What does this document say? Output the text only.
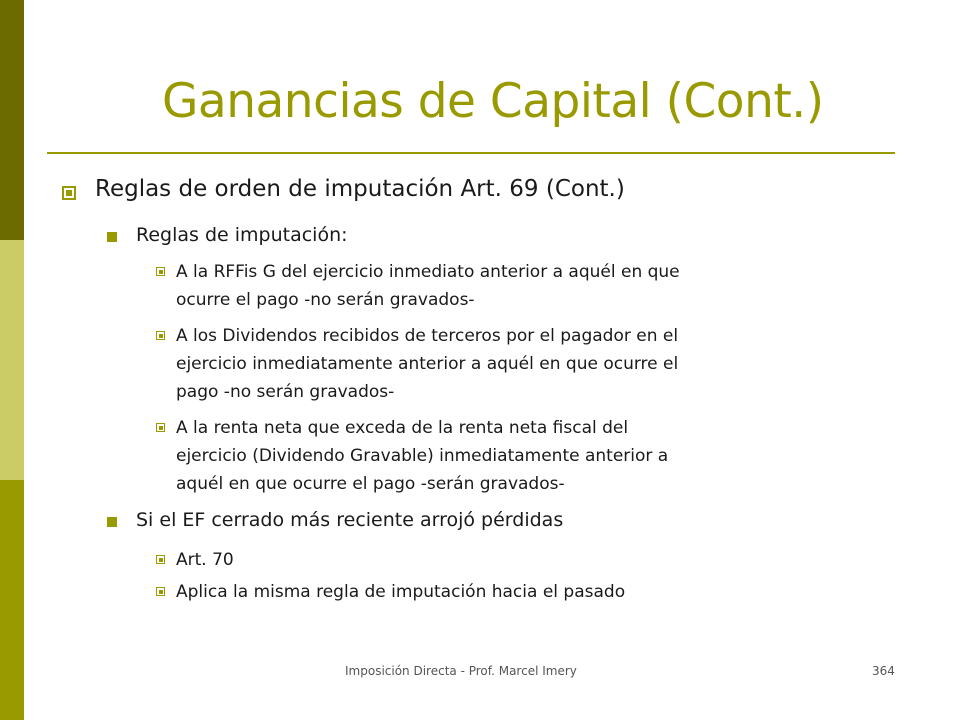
Ganancias de Capital (Cont.)
Reglas de orden de imputación Art. 69 (Cont.)
Reglas de imputación:
A la RFFis G del ejercicio inmediato anterior a aquél en que
ocurre el pago -no serán gravados-
A los Dividendos recibidos de terceros por el pagador en el
ejercicio inmediatamente anterior a aquél en que ocurre el
pago -no serán gravados-
A la renta neta que exceda de la renta neta fiscal del
ejercicio (Dividendo Gravable) inmediatamente anterior a
aquél en que ocurre el pago -serán gravados-
Si el EF cerrado más reciente arrojó pérdidas
Art. 70
Aplica la misma regla de imputación hacia el pasado
Imposición Directa - Prof. Marcel Imery	364
